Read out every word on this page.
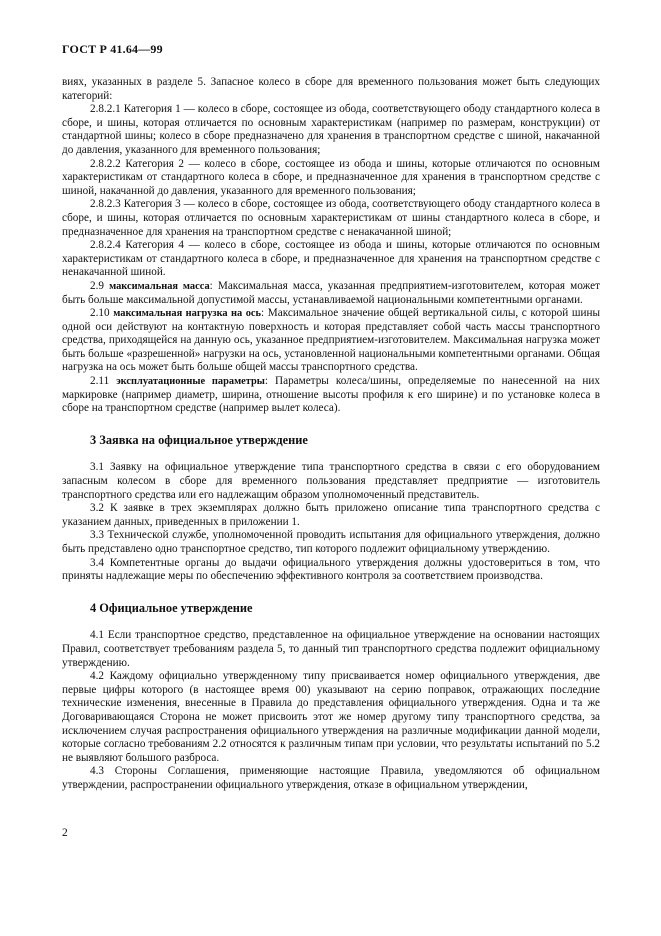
ГОСТ Р 41.64—99

виях, указанных в разделе 5. Запасное колесо в сборе для временного пользования может быть следующих категорий:

2.8.2.1 Категория 1 — колесо в сборе, состоящее из обода, соответствующего ободу стандартного колеса в сборе, и шины, которая отличается по основным характеристикам (например по размерам, конструкции) от стандартной шины; колесо в сборе предназначено для хранения в транспортном средстве с шиной, накачанной до давления, указанного для временного пользования;

2.8.2.2 Категория 2 — колесо в сборе, состоящее из обода и шины, которые отличаются по основным характеристикам от стандартного колеса в сборе, и предназначенное для хранения в транспортном средстве с шиной, накачанной до давления, указанного для временного пользования;

2.8.2.3 Категория 3 — колесо в сборе, состоящее из обода, соответствующего ободу стандартного колеса в сборе, и шины, которая отличается по основным характеристикам от шины стандартного колеса в сборе, и предназначенное для хранения на транспортном средстве с ненакачанной шиной;

2.8.2.4 Категория 4 — колесо в сборе, состоящее из обода и шины, которые отличаются по основным характеристикам от стандартного колеса в сборе, и предназначенное для хранения на транспортном средстве с ненакачанной шиной.

2.9 максимальная масса: Максимальная масса, указанная предприятием-изготовителем, которая может быть больше максимальной допустимой массы, устанавливаемой национальными компетентными органами.

2.10 максимальная нагрузка на ось: Максимальное значение общей вертикальной силы, с которой шины одной оси действуют на контактную поверхность и которая представляет собой часть массы транспортного средства, приходящейся на данную ось, указанное предприятием-изготовителем. Максимальная нагрузка может быть больше «разрешенной» нагрузки на ось, установленной национальными компетентными органами. Общая нагрузка на ось может быть больше общей массы транспортного средства.

2.11 эксплуатационные параметры: Параметры колеса/шины, определяемые по нанесенной на них маркировке (например диаметр, ширина, отношение высоты профиля к его ширине) и по установке колеса в сборе на транспортном средстве (например вылет колеса).

3 Заявка на официальное утверждение

3.1 Заявку на официальное утверждение типа транспортного средства в связи с его оборудованием запасным колесом в сборе для временного пользования представляет предприятие — изготовитель транспортного средства или его надлежащим образом уполномоченный представитель.

3.2 К заявке в трех экземплярах должно быть приложено описание типа транспортного средства с указанием данных, приведенных в приложении 1.

3.3 Технической службе, уполномоченной проводить испытания для официального утверждения, должно быть представлено одно транспортное средство, тип которого подлежит официальному утверждению.

3.4 Компетентные органы до выдачи официального утверждения должны удостовериться в том, что приняты надлежащие меры по обеспечению эффективного контроля за соответствием производства.

4 Официальное утверждение

4.1 Если транспортное средство, представленное на официальное утверждение на основании настоящих Правил, соответствует требованиям раздела 5, то данный тип транспортного средства подлежит официальному утверждению.

4.2 Каждому официально утвержденному типу присваивается номер официального утверждения, две первые цифры которого (в настоящее время 00) указывают на серию поправок, отражающих последние технические изменения, внесенные в Правила до представления официального утверждения. Одна и та же Договаривающаяся Сторона не может присвоить этот же номер другому типу транспортного средства, за исключением случая распространения официального утверждения на различные модификации данной модели, которые согласно требованиям 2.2 относятся к различным типам при условии, что результаты испытаний по 5.2 не выявляют большого разброса.

4.3 Стороны Соглашения, применяющие настоящие Правила, уведомляются об официальном утверждении, распространении официального утверждения, отказе в официальном утверждении,

2
